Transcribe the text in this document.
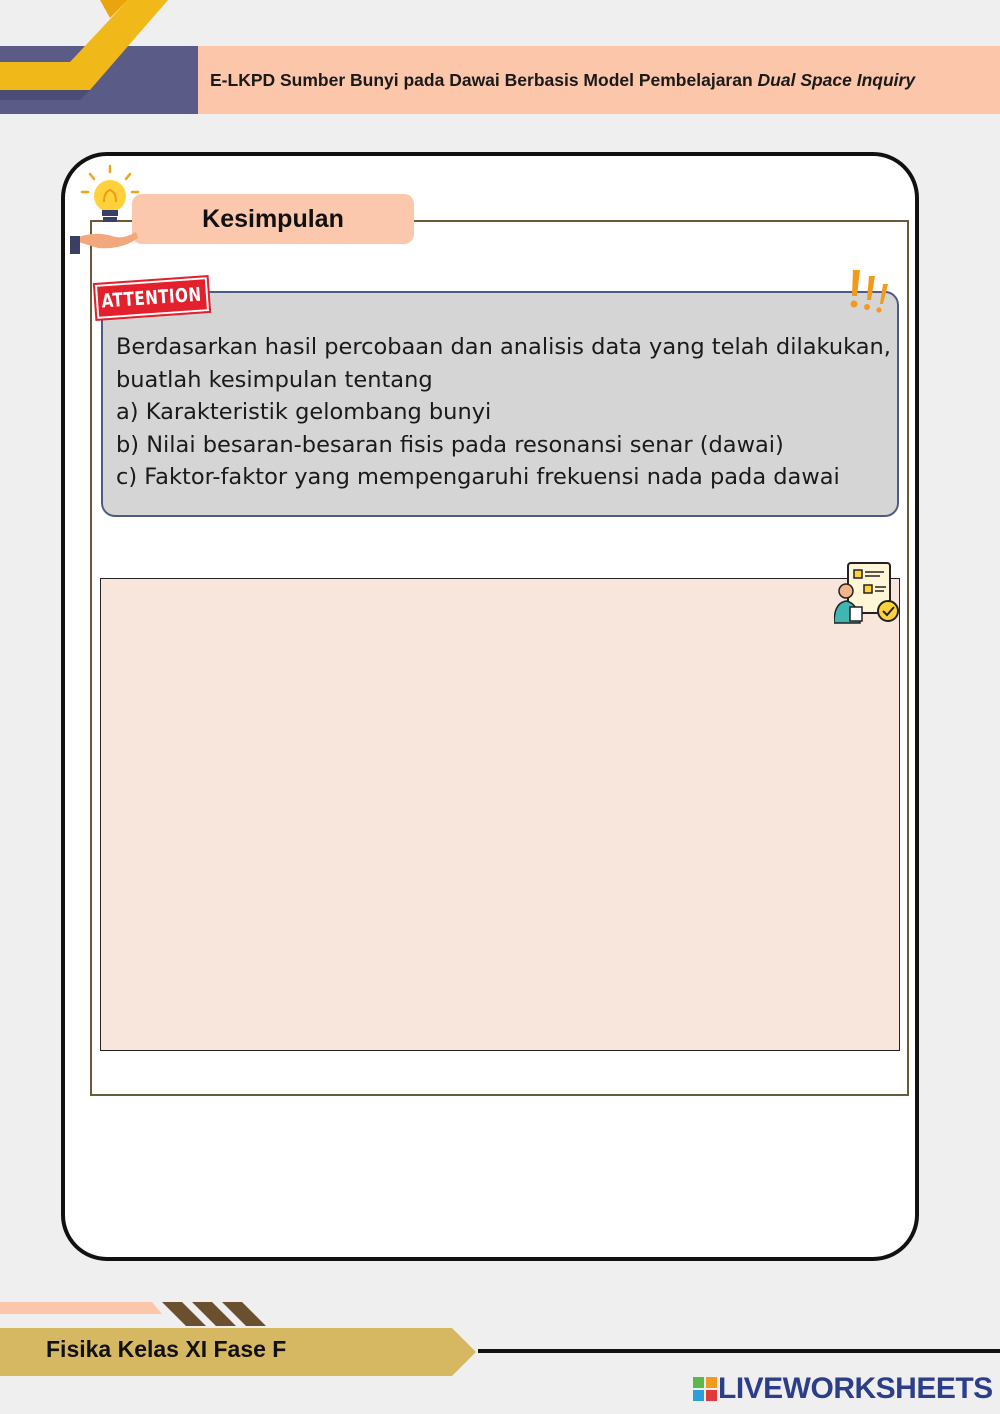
E-LKPD Sumber Bunyi pada Dawai Berbasis Model Pembelajaran Dual Space Inquiry
Kesimpulan
ATTENTION
Berdasarkan hasil percobaan dan analisis data yang telah dilakukan,
buatlah kesimpulan tentang
a) Karakteristik gelombang bunyi
b) Nilai besaran-besaran fisis pada resonansi senar (dawai)
c) Faktor-faktor yang mempengaruhi frekuensi nada pada dawai
Fisika Kelas XI Fase F
LIVEWORKSHEETS
